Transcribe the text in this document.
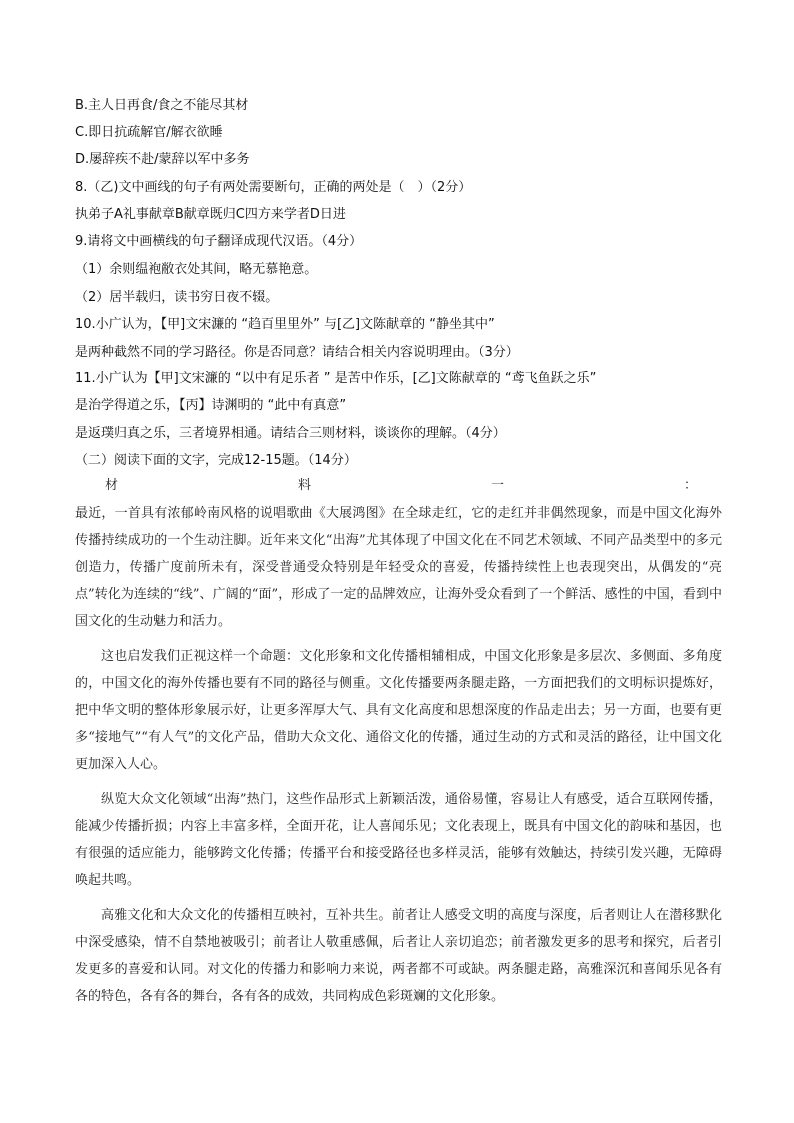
B.主人日再食/食之不能尽其材
C.即日抗疏解官/解衣欲睡
D.屡辞疾不赴/蒙辞以军中多务
8.（乙)文中画线的句子有两处需要断句，正确的两处是（　）（2分）
执弟子A礼事献章B献章既归C四方来学者D日进
9.请将文中画横线的句子翻译成现代汉语。（4分）
（1）余则缊袍敝衣处其间，略无慕艳意。
（2）居半载归，读书穷日夜不辍。
10.小广认为，【甲]文宋濂的 “趋百里里外” 与[乙]文陈献章的 “静坐其中”
是两种截然不同的学习路径。你是否同意？请结合相关内容说明理由。（3分）
11.小广认为【甲]文宋濂的 “以中有足乐者 ” 是苦中作乐，[乙]文陈献章的 “鸢飞鱼跃之乐”
是治学得道之乐，【丙】诗渊明的 “此中有真意”
是返璞归真之乐，三者境界相通。请结合三则材料，谈谈你的理解。（4分）
（二）阅读下面的文字，完成12-15题。（14分）
材	料	一	：

最近，一首具有浓郁岭南风格的说唱歌曲《大展鸿图》在全球走红，它的走红并非偶然现象，而是中国文化海外传播持续成功的一个生动注脚。近年来文化“出海”尤其体现了中国文化在不同艺术领域、不同产品类型中的多元创造力，传播广度前所未有，深受普通受众特别是年轻受众的喜爱，传播持续性上也表现突出，从偶发的“亮点”转化为连续的“线”、广阔的“面”，形成了一定的品牌效应，让海外受众看到了一个鲜活、感性的中国，看到中国文化的生动魅力和活力。

这也启发我们正视这样一个命题：文化形象和文化传播相辅相成，中国文化形象是多层次、多侧面、多角度的，中国文化的海外传播也要有不同的路径与侧重。文化传播要两条腿走路，一方面把我们的文明标识提炼好，把中华文明的整体形象展示好，让更多浑厚大气、具有文化高度和思想深度的作品走出去；另一方面，也要有更多“接地气”“有人气”的文化产品，借助大众文化、通俗文化的传播，通过生动的方式和灵活的路径，让中国文化更加深入人心。

纵览大众文化领域“出海”热门，这些作品形式上新颖活泼，通俗易懂，容易让人有感受，适合互联网传播，能减少传播折损；内容上丰富多样，全面开花，让人喜闻乐见；文化表现上，既具有中国文化的韵味和基因，也有很强的适应能力，能够跨文化传播；传播平台和接受路径也多样灵活，能够有效触达，持续引发兴趣，无障碍唤起共鸣。

高雅文化和大众文化的传播相互映衬，互补共生。前者让人感受文明的高度与深度，后者则让人在潜移默化中深受感染，情不自禁地被吸引；前者让人敬重感佩，后者让人亲切追恋；前者激发更多的思考和探究，后者引发更多的喜爱和认同。对文化的传播力和影响力来说，两者都不可或缺。两条腿走路，高雅深沉和喜闻乐见各有各的特色，各有各的舞台，各有各的成效，共同构成色彩斑斓的文化形象。
